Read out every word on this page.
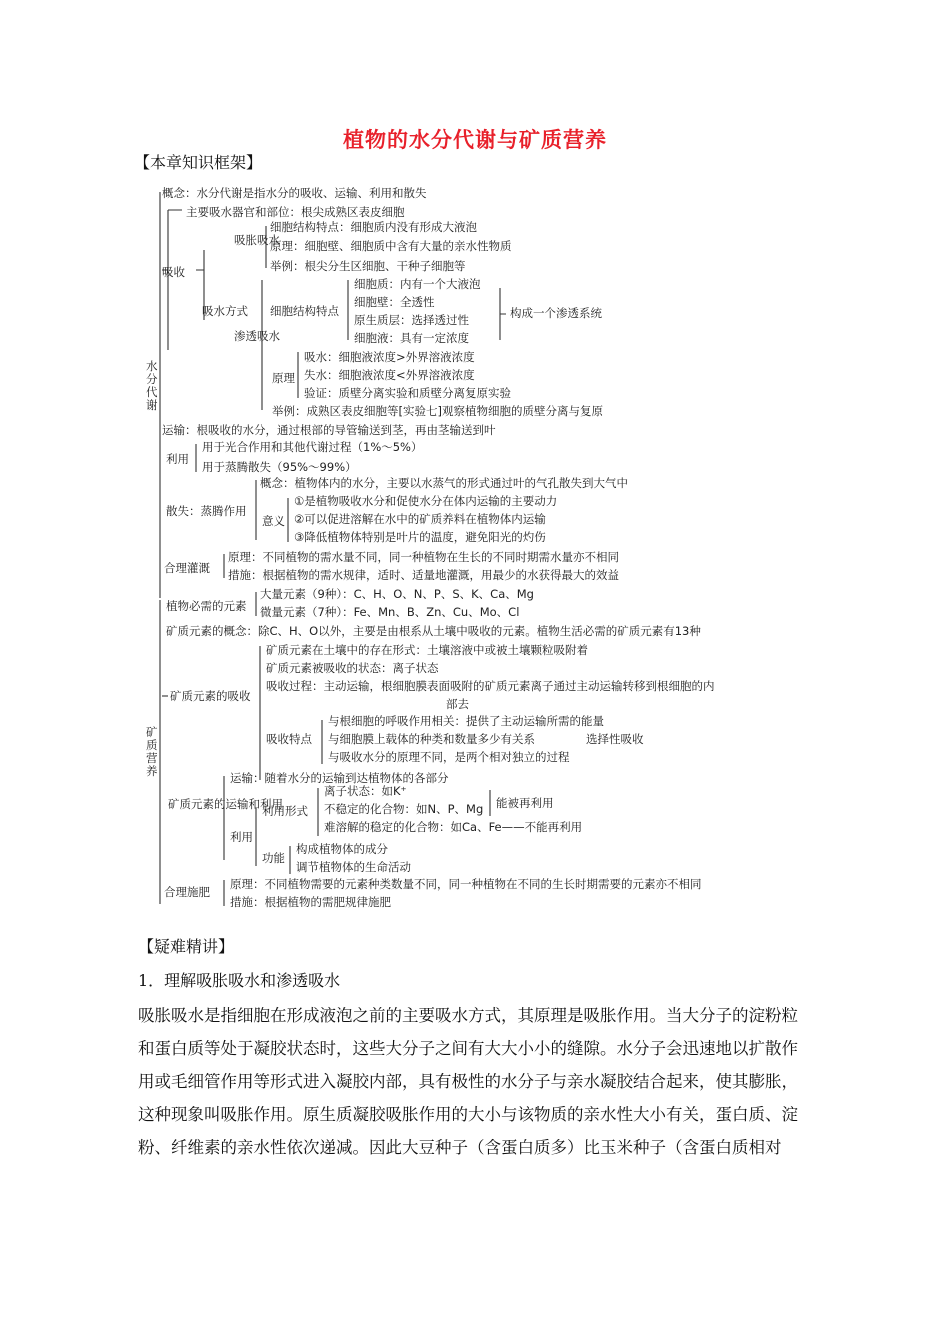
植物的水分代谢与矿质营养
【本章知识框架】
水分代谢
概念：水分代谢是指水分的吸收、运输、利用和散失
主要吸水器官和部位：根尖成熟区表皮细胞
吸收
吸胀吸水
细胞结构特点：细胞质内没有形成大液泡
原理：细胞壁、细胞质中含有大量的亲水性物质
举例：根尖分生区细胞、干种子细胞等
吸水方式
渗透吸水
细胞结构特点
细胞质：内有一个大液泡
细胞壁：全透性
原生质层：选择透过性
细胞液：具有一定浓度
构成一个渗透系统
原理
吸水：细胞液浓度>外界溶液浓度
失水：细胞液浓度<外界溶液浓度
验证：质壁分离实验和质壁分离复原实验
举例：成熟区表皮细胞等[实验七]观察植物细胞的质壁分离与复原
运输：根吸收的水分，通过根部的导管输送到茎，再由茎输送到叶
利用
用于光合作用和其他代谢过程（1%～5%）
用于蒸腾散失（95%～99%）
散失：蒸腾作用
概念：植物体内的水分，主要以水蒸气的形式通过叶的气孔散失到大气中
意义
①是植物吸收水分和促使水分在体内运输的主要动力
②可以促进溶解在水中的矿质养料在植物体内运输
③降低植物体特别是叶片的温度，避免阳光的灼伤
合理灌溉
原理：不同植物的需水量不同，同一种植物在生长的不同时期需水量亦不相同
措施：根据植物的需水规律，适时、适量地灌溉，用最少的水获得最大的效益
矿质营养
植物必需的元素
大量元素（9种）：C、H、O、N、P、S、K、Ca、Mg
微量元素（7种）：Fe、Mn、B、Zn、Cu、Mo、Cl
矿质元素的概念：除C、H、O以外，主要是由根系从土壤中吸收的元素。植物生活必需的矿质元素有13种
矿质元素的吸收
矿质元素在土壤中的存在形式：土壤溶液中或被土壤颗粒吸附着
矿质元素被吸收的状态：离子状态
吸收过程：主动运输，根细胞膜表面吸附的矿质元素离子通过主动运输转移到根细胞的内
部去
吸收特点
与根细胞的呼吸作用相关：提供了主动运输所需的能量
与细胞膜上载体的种类和数量多少有关系
与吸收水分的原理不同，是两个相对独立的过程
选择性吸收
矿质元素的运输和利用
运输：随着水分的运输到达植物体的各部分
利用
利用形式
离子状态：如K⁺
不稳定的化合物：如N、P、Mg
难溶解的稳定的化合物：如Ca、Fe——不能再利用
能被再利用
功能
构成植物体的成分
调节植物体的生命活动
合理施肥
原理：不同植物需要的元素种类数量不同，同一种植物在不同的生长时期需要的元素亦不相同
措施：根据植物的需肥规律施肥
【疑难精讲】
1．理解吸胀吸水和渗透吸水

吸胀吸水是指细胞在形成液泡之前的主要吸水方式，其原理是吸胀作用。当大分子的淀粉粒

和蛋白质等处于凝胶状态时，这些大分子之间有大大小小的缝隙。水分子会迅速地以扩散作

用或毛细管作用等形式进入凝胶内部，具有极性的水分子与亲水凝胶结合起来，使其膨胀，

这种现象叫吸胀作用。原生质凝胶吸胀作用的大小与该物质的亲水性大小有关，蛋白质、淀

粉、纤维素的亲水性依次递减。因此大豆种子（含蛋白质多）比玉米种子（含蛋白质相对
